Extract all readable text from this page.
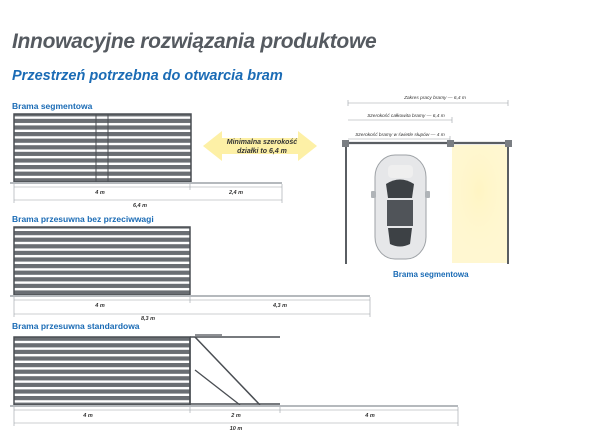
Innowacyjne rozwiązania produktowe
Przestrzeń potrzebna do otwarcia bram
Brama segmentowa
Brama przesuwna bez przeciwwagi
Brama przesuwna standardowa
4 m	2,4 m
6,4 m
Minimalna szerokość
działki to 6,4 m
Zakres pracy bramy — 6,4 m
Szerokość całkowita bramy — 6,4 m
Szerokość bramy w świetle słupów — 4 m
4 m	4,3 m
8,3 m
4 m	2 m	4 m
10 m
Brama segmentowa
